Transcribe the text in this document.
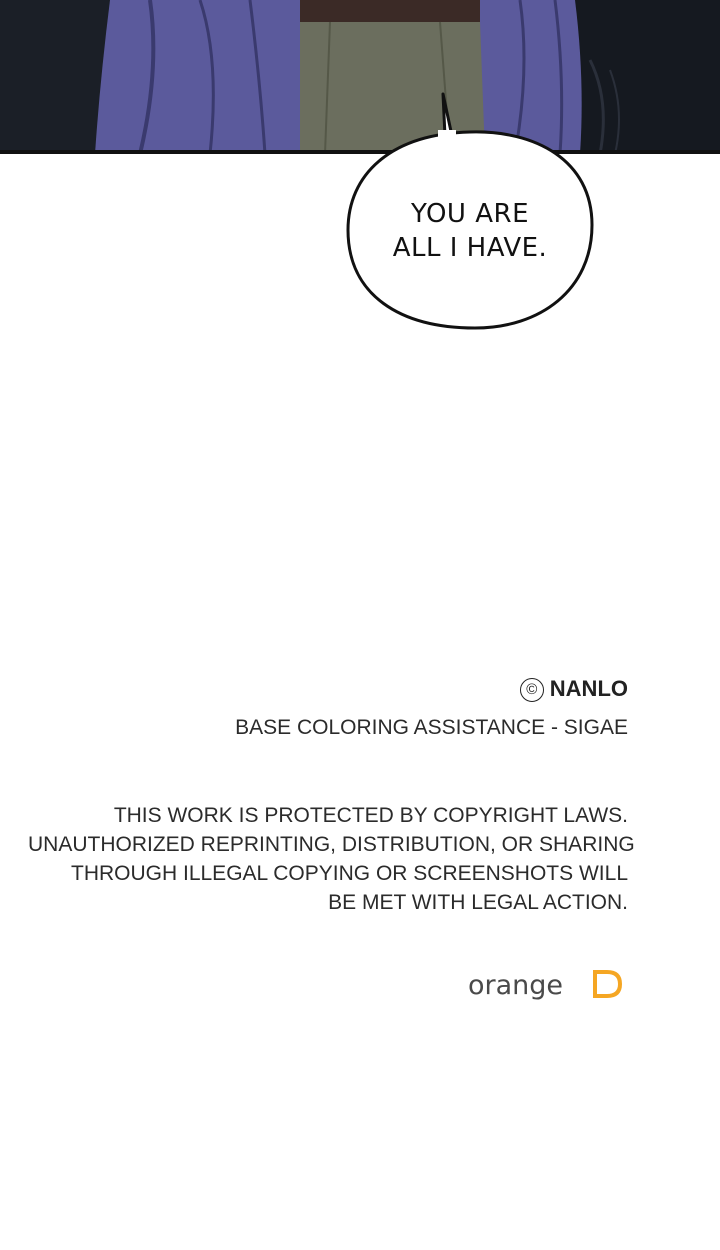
YOU ARE
ALL I HAVE.
© NANLO
BASE COLORING ASSISTANCE - SIGAE
THIS WORK IS PROTECTED BY COPYRIGHT LAWS.
UNAUTHORIZED REPRINTING, DISTRIBUTION, OR SHARING
THROUGH ILLEGAL COPYING OR SCREENSHOTS WILL
BE MET WITH LEGAL ACTION.
orange
